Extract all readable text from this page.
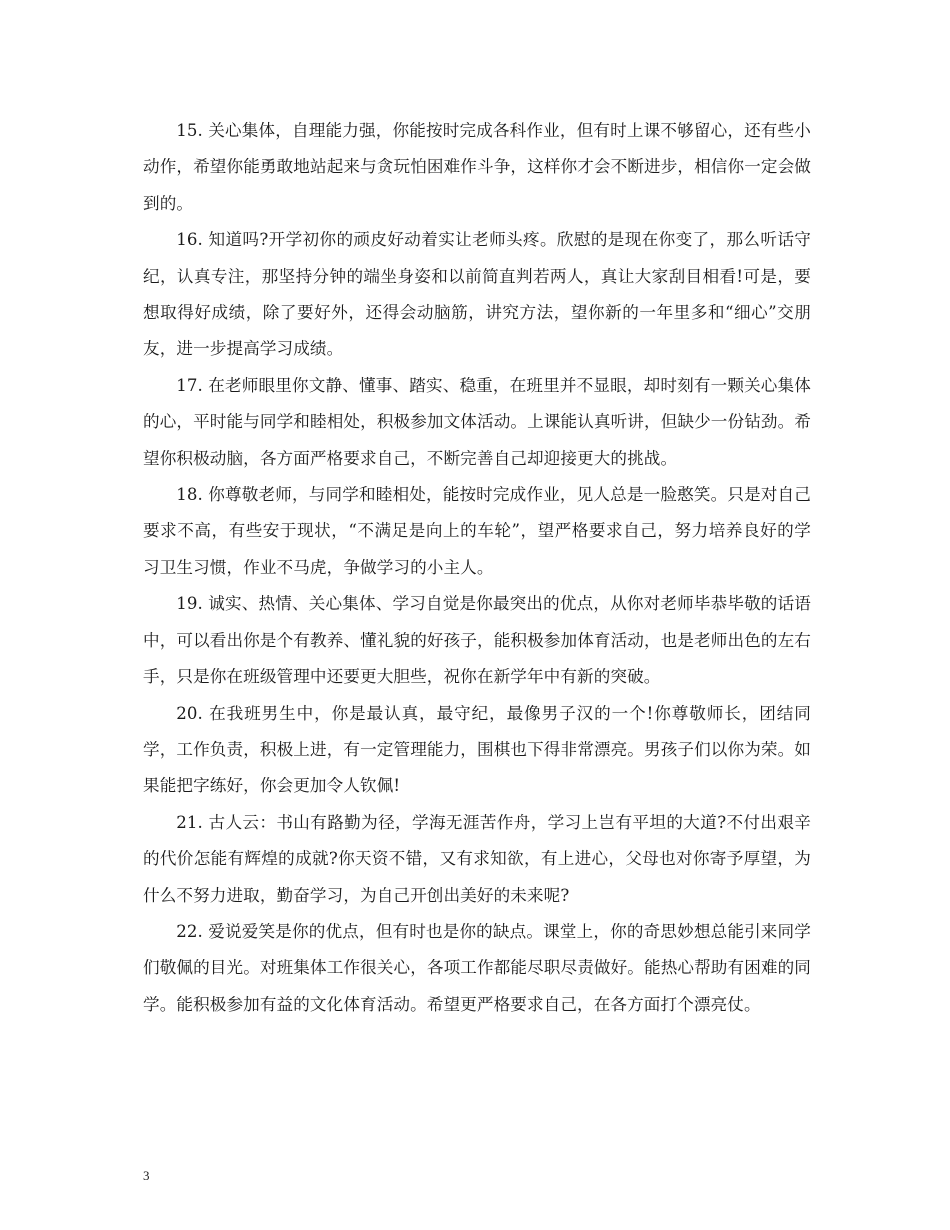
15. 关心集体，自理能力强，你能按时完成各科作业，但有时上课不够留心，还有些小动作，希望你能勇敢地站起来与贪玩怕困难作斗争，这样你才会不断进步，相信你一定会做到的。

16. 知道吗?开学初你的顽皮好动着实让老师头疼。欣慰的是现在你变了，那么听话守纪，认真专注，那坚持分钟的端坐身姿和以前简直判若两人，真让大家刮目相看!可是，要想取得好成绩，除了要好外，还得会动脑筋，讲究方法，望你新的一年里多和“细心”交朋友，进一步提高学习成绩。

17. 在老师眼里你文静、懂事、踏实、稳重，在班里并不显眼，却时刻有一颗关心集体的心，平时能与同学和睦相处，积极参加文体活动。上课能认真听讲，但缺少一份钻劲。希望你积极动脑，各方面严格要求自己，不断完善自己却迎接更大的挑战。

18. 你尊敬老师，与同学和睦相处，能按时完成作业，见人总是一脸憨笑。只是对自己要求不高，有些安于现状，“不满足是向上的车轮”，望严格要求自己，努力培养良好的学习卫生习惯，作业不马虎，争做学习的小主人。

19. 诚实、热情、关心集体、学习自觉是你最突出的优点，从你对老师毕恭毕敬的话语中，可以看出你是个有教养、懂礼貌的好孩子，能积极参加体育活动，也是老师出色的左右手，只是你在班级管理中还要更大胆些，祝你在新学年中有新的突破。

20. 在我班男生中，你是最认真，最守纪，最像男子汉的一个!你尊敬师长，团结同学，工作负责，积极上进，有一定管理能力，围棋也下得非常漂亮。男孩子们以你为荣。如果能把字练好，你会更加令人钦佩!

21. 古人云：书山有路勤为径，学海无涯苦作舟，学习上岂有平坦的大道?不付出艰辛的代价怎能有辉煌的成就?你天资不错，又有求知欲，有上进心，父母也对你寄予厚望，为什么不努力进取，勤奋学习，为自己开创出美好的未来呢?

22. 爱说爱笑是你的优点，但有时也是你的缺点。课堂上，你的奇思妙想总能引来同学们敬佩的目光。对班集体工作很关心，各项工作都能尽职尽责做好。能热心帮助有困难的同学。能积极参加有益的文化体育活动。希望更严格要求自己，在各方面打个漂亮仗。

3
